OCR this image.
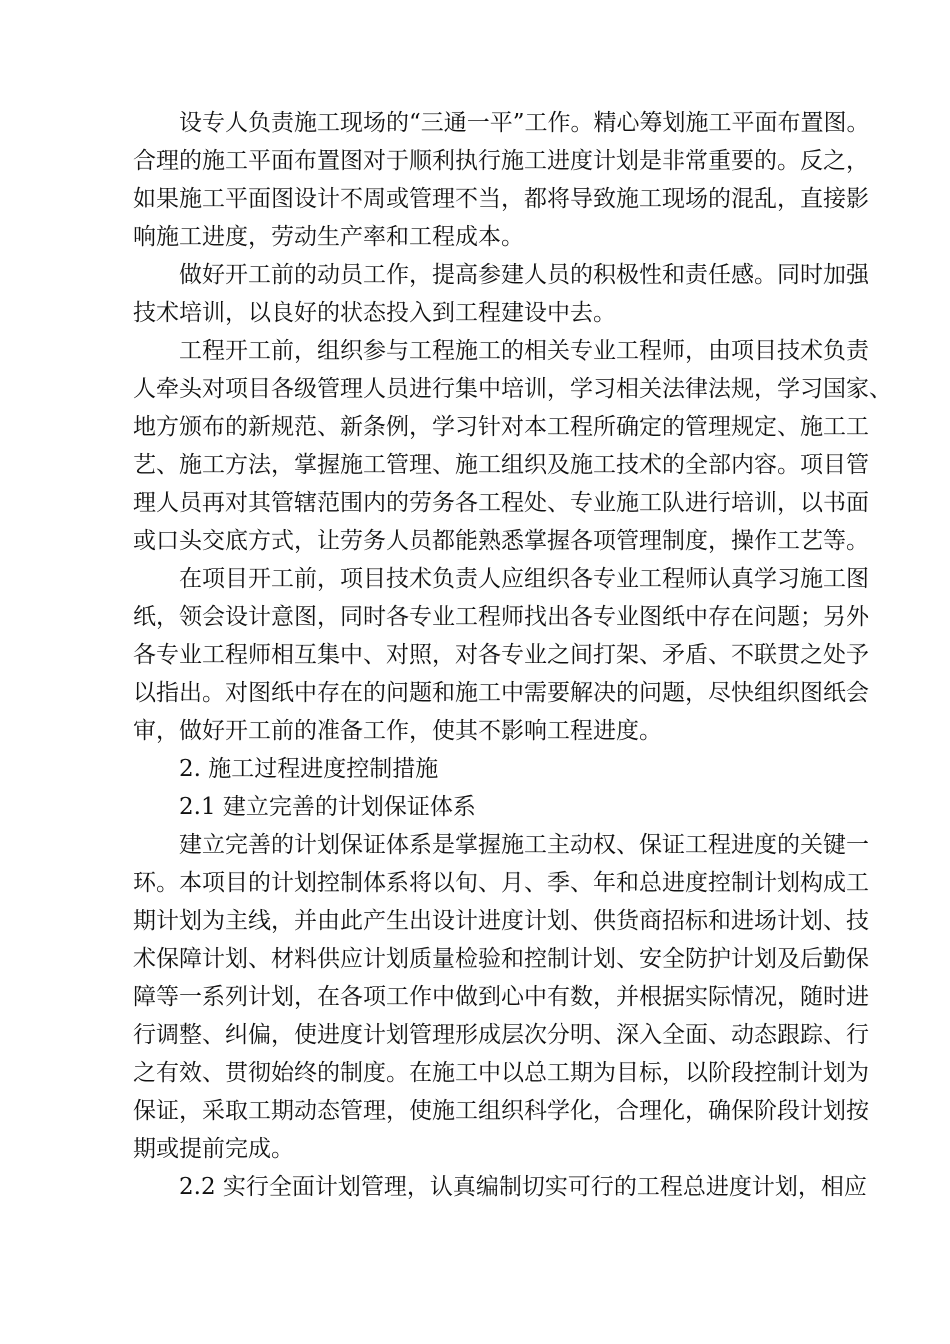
设专人负责施工现场的“三通一平”工作。精心筹划施工平面布置图。
合理的施工平面布置图对于顺利执行施工进度计划是非常重要的。反之，
如果施工平面图设计不周或管理不当，都将导致施工现场的混乱，直接影
响施工进度，劳动生产率和工程成本。
做好开工前的动员工作，提高参建人员的积极性和责任感。同时加强
技术培训，以良好的状态投入到工程建设中去。
工程开工前，组织参与工程施工的相关专业工程师，由项目技术负责
人牵头对项目各级管理人员进行集中培训，学习相关法律法规，学习国家、
地方颁布的新规范、新条例，学习针对本工程所确定的管理规定、施工工
艺、施工方法，掌握施工管理、施工组织及施工技术的全部内容。项目管
理人员再对其管辖范围内的劳务各工程处、专业施工队进行培训，以书面
或口头交底方式，让劳务人员都能熟悉掌握各项管理制度，操作工艺等。
在项目开工前，项目技术负责人应组织各专业工程师认真学习施工图
纸，领会设计意图，同时各专业工程师找出各专业图纸中存在问题；另外
各专业工程师相互集中、对照，对各专业之间打架、矛盾、不联贯之处予
以指出。对图纸中存在的问题和施工中需要解决的问题，尽快组织图纸会
审，做好开工前的准备工作，使其不影响工程进度。
2. 施工过程进度控制措施
2.1 建立完善的计划保证体系
建立完善的计划保证体系是掌握施工主动权、保证工程进度的关键一
环。本项目的计划控制体系将以旬、月、季、年和总进度控制计划构成工
期计划为主线，并由此产生出设计进度计划、供货商招标和进场计划、技
术保障计划、材料供应计划质量检验和控制计划、安全防护计划及后勤保
障等一系列计划，在各项工作中做到心中有数，并根据实际情况，随时进
行调整、纠偏，使进度计划管理形成层次分明、深入全面、动态跟踪、行
之有效、贯彻始终的制度。在施工中以总工期为目标，以阶段控制计划为
保证，采取工期动态管理，使施工组织科学化，合理化，确保阶段计划按
期或提前完成。
2.2 实行全面计划管理，认真编制切实可行的工程总进度计划，相应
